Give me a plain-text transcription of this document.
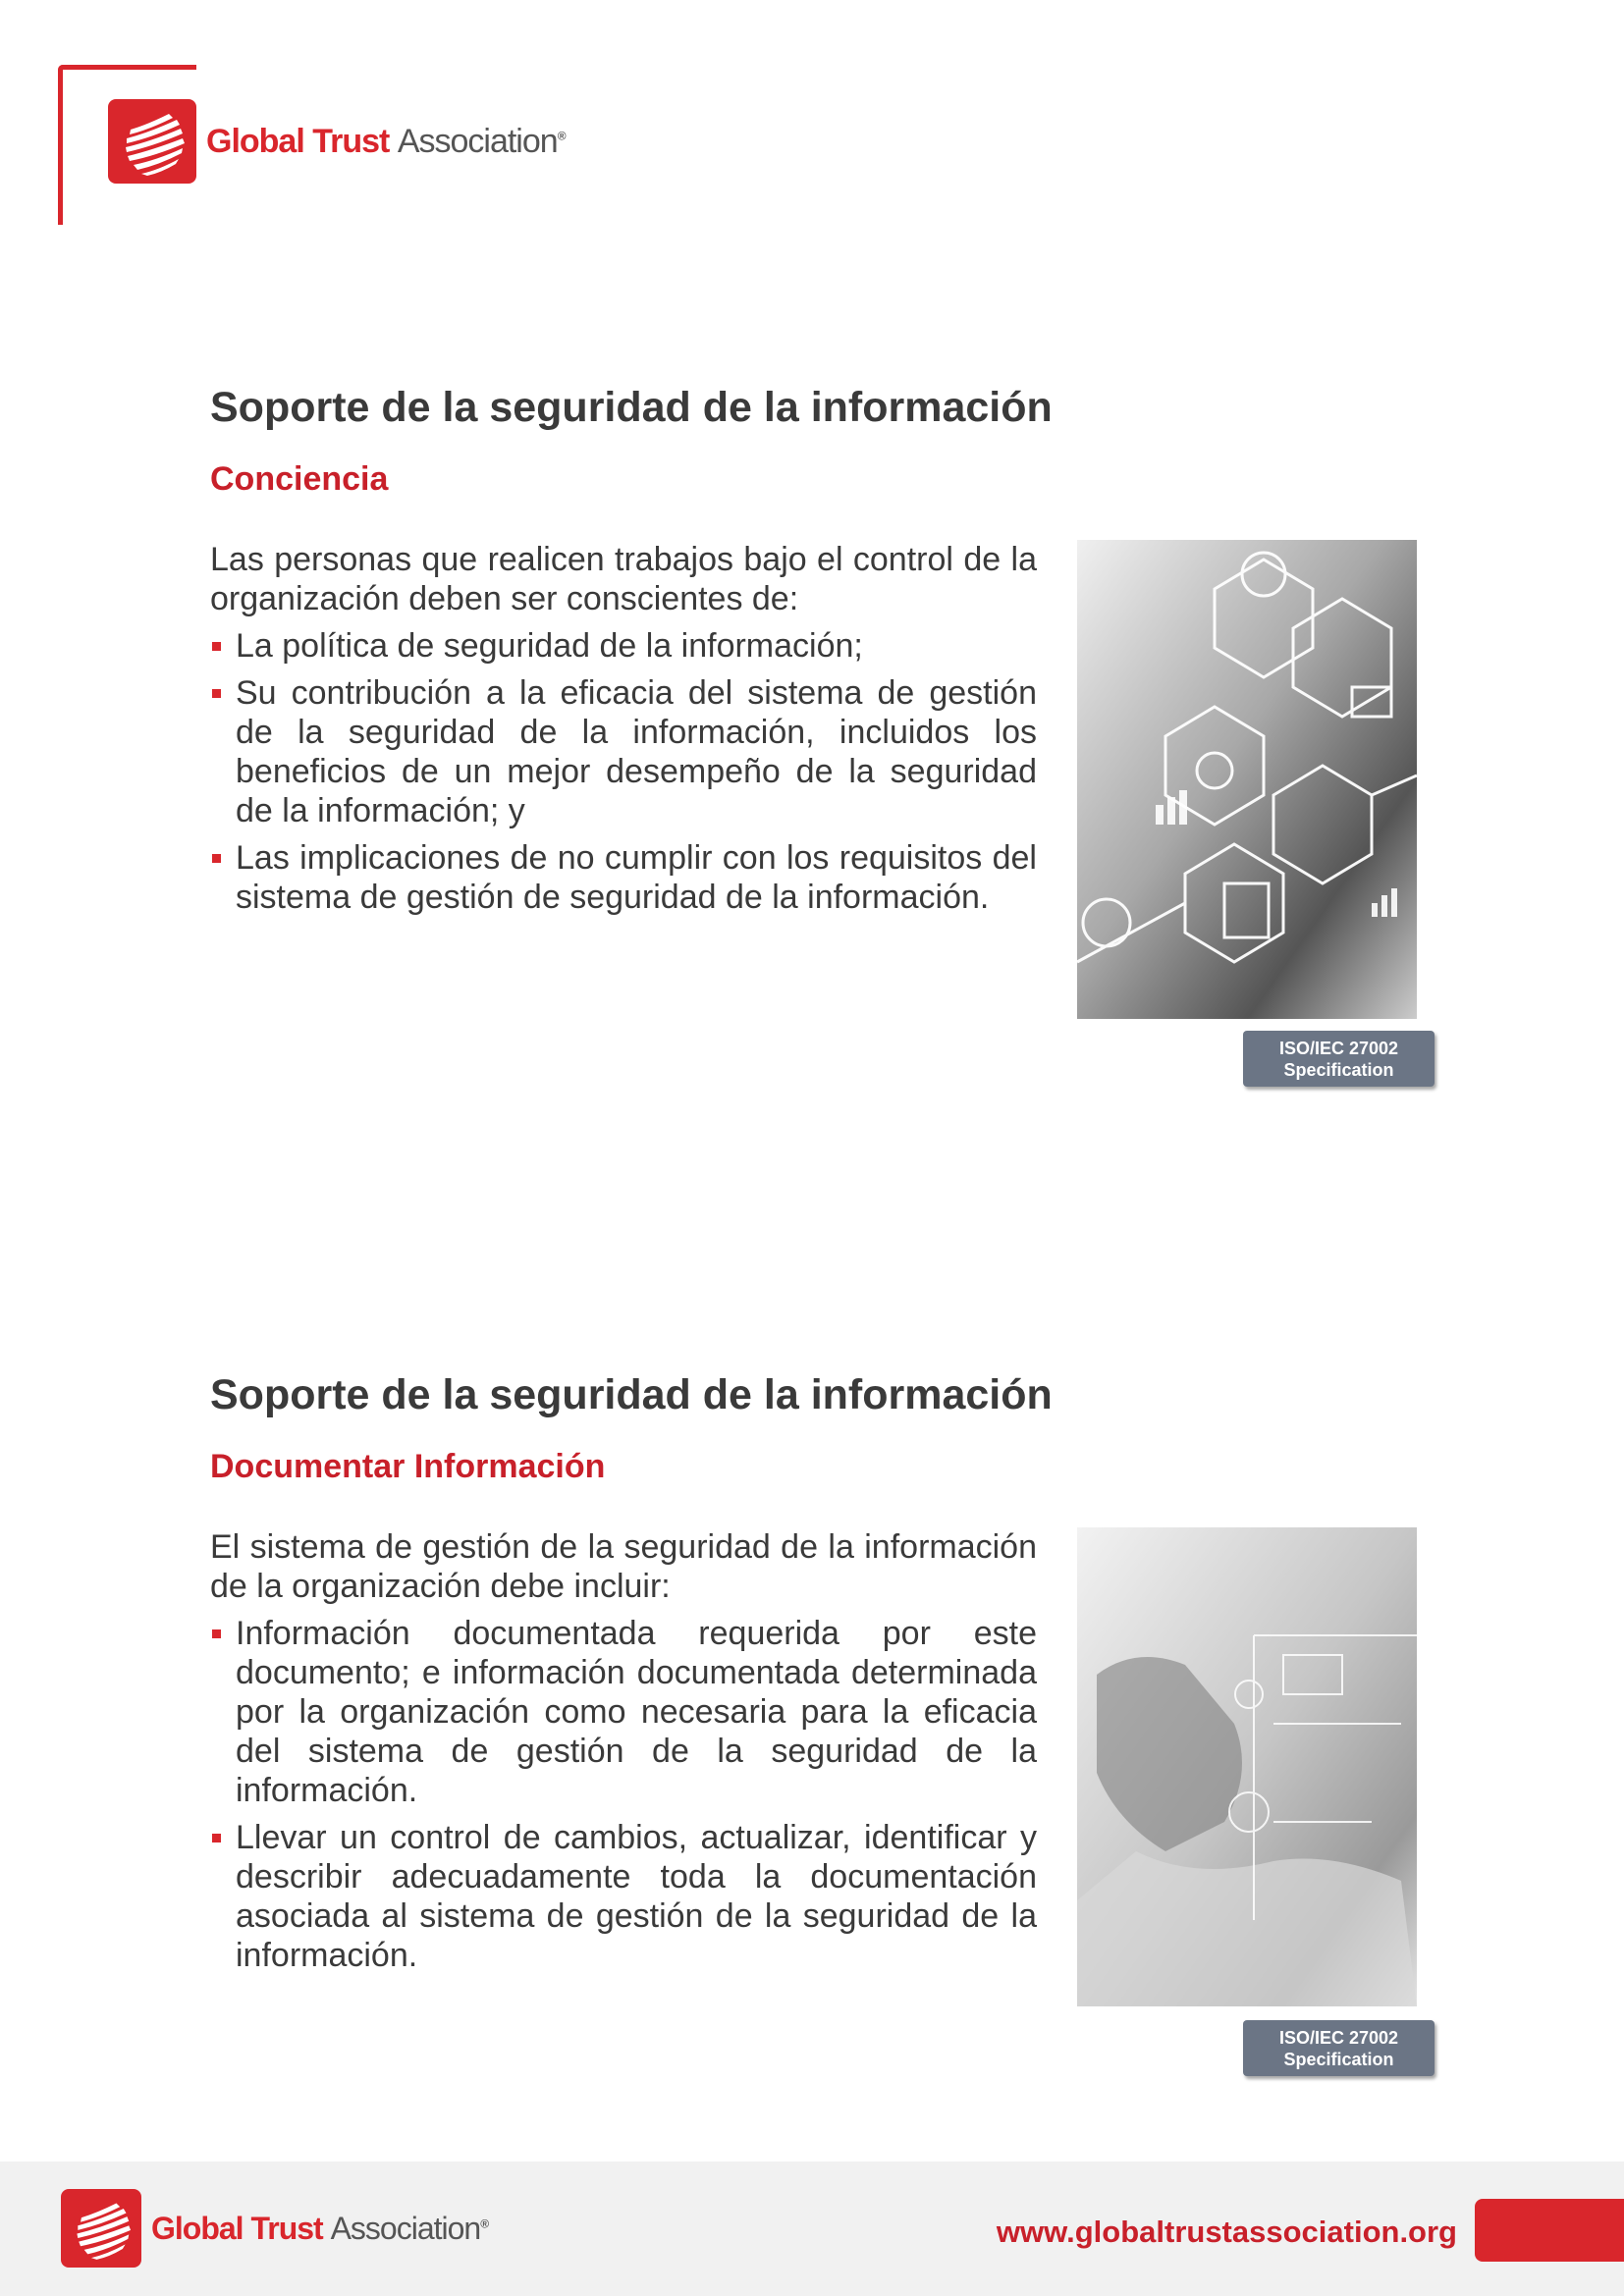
Global Trust Association®
Soporte de la seguridad de la información
Conciencia

Las personas que realicen trabajos bajo el control de la organización deben ser conscientes de:

La política de seguridad de la información;
Su contribución a la eficacia del sistema de gestión de la seguridad de la información, incluidos los beneficios de un mejor desempeño de la seguridad de la información; y
Las implicaciones de no cumplir con los requisitos del sistema de gestión de seguridad de la información.
ISO/IEC 27002
Specification
Soporte de la seguridad de la información
Documentar Información

El sistema de gestión de la seguridad de la información de la organización debe incluir:

Información documentada requerida por este documento; e información documentada determinada por la organización como necesaria para la eficacia del sistema de gestión de la seguridad de la información.
Llevar un control de cambios, actualizar, identificar y describir adecuadamente toda la documentación asociada al sistema de gestión de la seguridad de la información.
ISO/IEC 27002
Specification
Global Trust Association®	www.globaltrustassociation.org
